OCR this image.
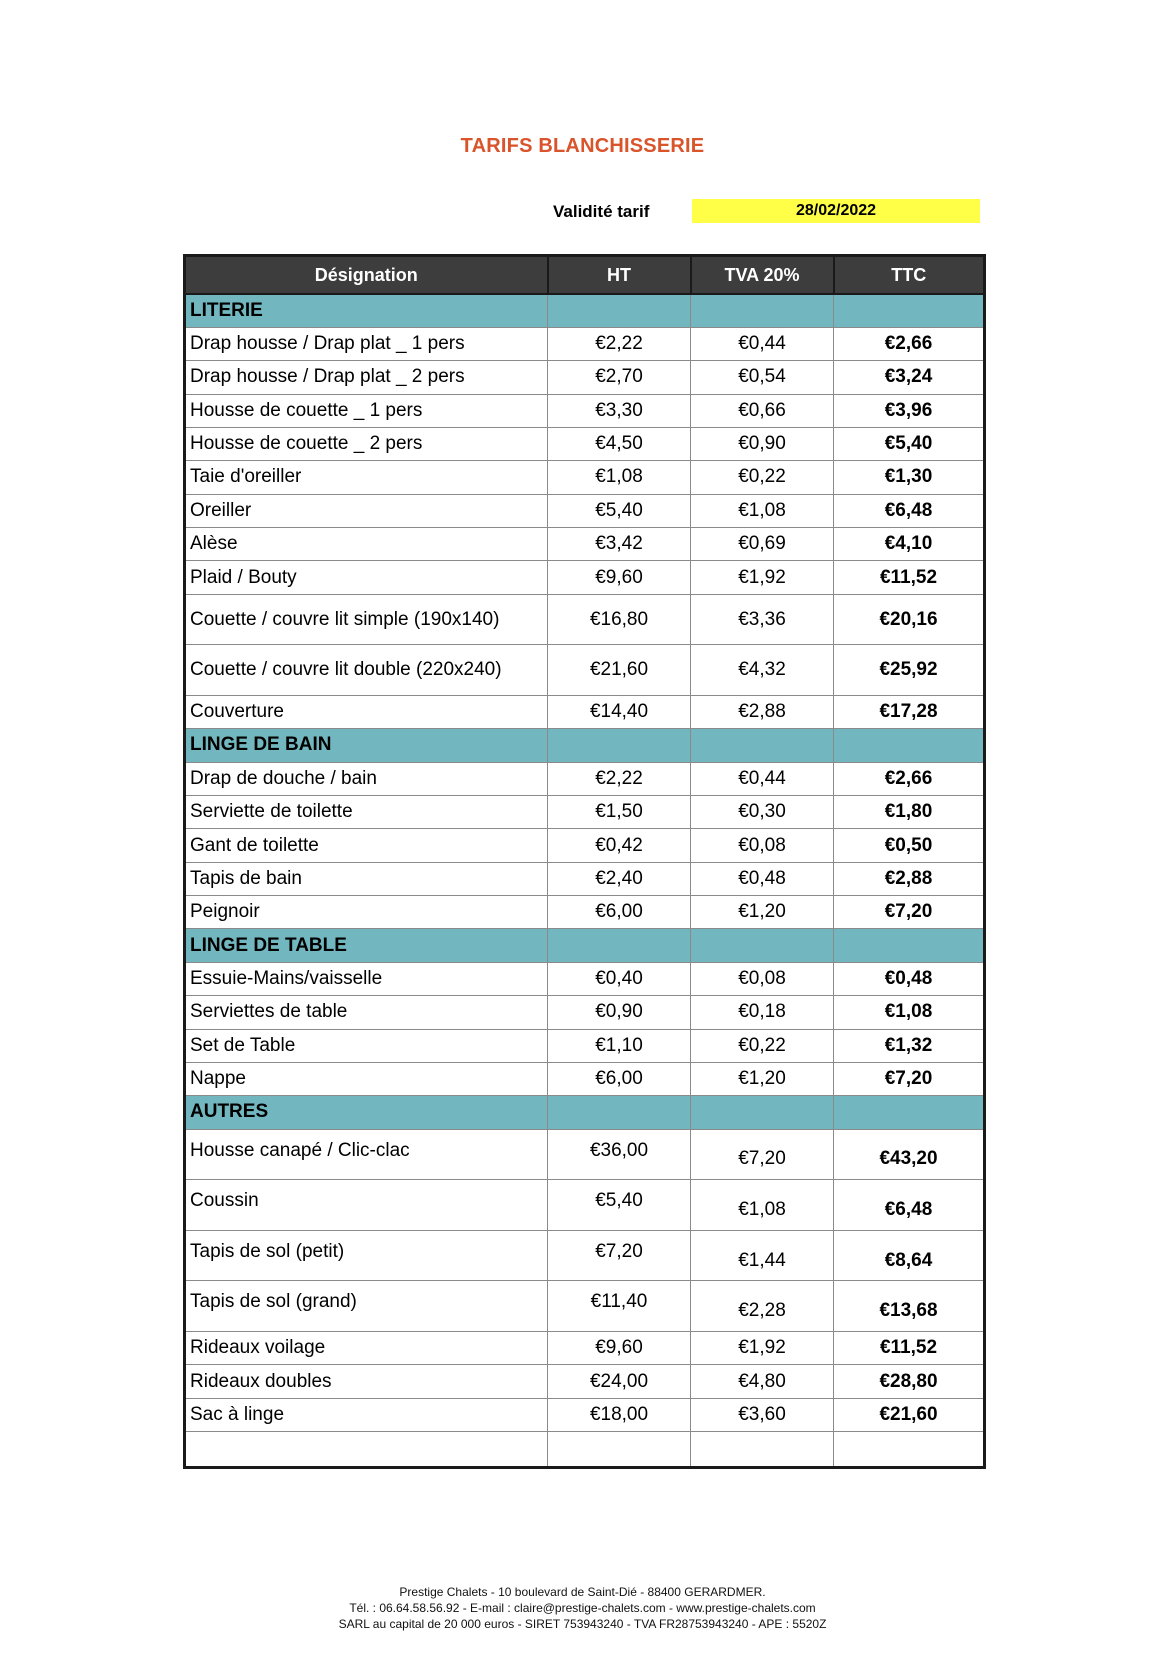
TARIFS BLANCHISSERIE
Validité tarif	28/02/2022
Désignation	HT	TVA 20%	TTC
LITERIE			
Drap housse / Drap plat _ 1 pers	€2,22	€0,44	€2,66
Drap housse / Drap plat _ 2 pers	€2,70	€0,54	€3,24
Housse de couette _ 1 pers	€3,30	€0,66	€3,96
Housse de couette _ 2 pers	€4,50	€0,90	€5,40
Taie d'oreiller	€1,08	€0,22	€1,30
Oreiller	€5,40	€1,08	€6,48
Alèse	€3,42	€0,69	€4,10
Plaid / Bouty	€9,60	€1,92	€11,52
Couette / couvre lit simple (190x140)	€16,80	€3,36	€20,16
Couette / couvre lit double (220x240)	€21,60	€4,32	€25,92
Couverture	€14,40	€2,88	€17,28
LINGE DE BAIN			
Drap de douche / bain	€2,22	€0,44	€2,66
Serviette de toilette	€1,50	€0,30	€1,80
Gant de toilette	€0,42	€0,08	€0,50
Tapis de bain	€2,40	€0,48	€2,88
Peignoir	€6,00	€1,20	€7,20
LINGE DE TABLE			
Essuie-Mains/vaisselle	€0,40	€0,08	€0,48
Serviettes de table	€0,90	€0,18	€1,08
Set de Table	€1,10	€0,22	€1,32
Nappe	€6,00	€1,20	€7,20
AUTRES			
Housse canapé / Clic-clac	€36,00	€7,20	€43,20
Coussin	€5,40	€1,08	€6,48
Tapis de sol (petit)	€7,20	€1,44	€8,64
Tapis de sol (grand)	€11,40	€2,28	€13,68
Rideaux voilage	€9,60	€1,92	€11,52
Rideaux doubles	€24,00	€4,80	€28,80
Sac à linge	€18,00	€3,60	€21,60

Prestige Chalets - 10 boulevard de Saint-Dié - 88400 GERARDMER.
Tél. : 06.64.58.56.92 - E-mail : claire@prestige-chalets.com - www.prestige-chalets.com
SARL au capital de 20 000 euros - SIRET 753943240 - TVA FR28753943240 - APE : 5520Z
